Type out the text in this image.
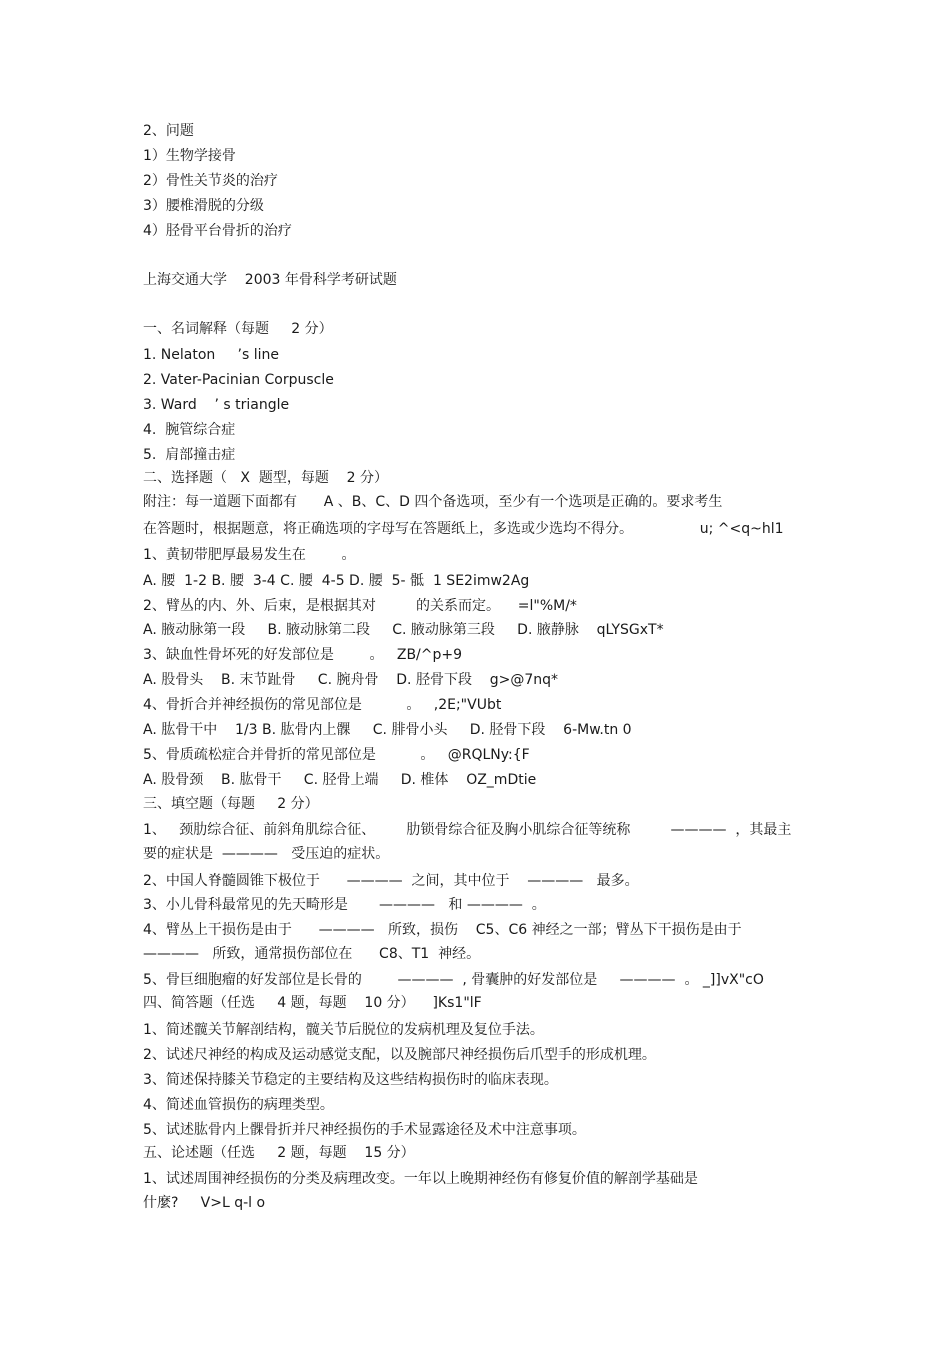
2、问题
1）生物学接骨
2）骨性关节炎的治疗
3）腰椎滑脱的分级
4）胫骨平台骨折的治疗
上海交通大学    2003 年骨科学考研试题
一、名词解释（每题     2 分）
1. Nelaton     ’s line
2. Vater-Pacinian Corpuscle
3. Ward    ’ s triangle
4.  腕管综合症
5.  肩部撞击症
二、选择题（   X  题型，每题    2 分）
附注：每一道题下面都有      A 、B、C、D 四个备选项，至少有一个选项是正确的。要求考生
在答题时，根据题意，将正确选项的字母写在答题纸上，多选或少选均不得分。               u; ^<q~hl1
1、黄韧带肥厚最易发生在        。
A. 腰  1-2 B. 腰  3-4 C. 腰  4-5 D. 腰  5- 骶  1 SE2imw2Ag
2、臂丛的内、外、后束，是根据其对         的关系而定。    =l"%M/*
A. 腋动脉第一段     B. 腋动脉第二段     C. 腋动脉第三段     D. 腋静脉    qLYSGxT*
3、缺血性骨坏死的好发部位是        。   ZB/^p+9
A. 股骨头    B. 末节趾骨     C. 腕舟骨    D. 胫骨下段    g>@7nq*
4、骨折合并神经损伤的常见部位是          。   ,2E;"VUbt
A. 肱骨干中    1/3 B. 肱骨内上髁     C. 腓骨小头     D. 胫骨下段    6-Mw.tn 0
5、骨质疏松症合并骨折的常见部位是          。   @RQLNy:{F
A. 股骨颈    B. 肱骨干     C. 胫骨上端     D. 椎体    OZ_mDtie
三、填空题（每题     2 分）
1、   颈肋综合征、前斜角肌综合征、       肋锁骨综合征及胸小肌综合征等统称         ————  ，其最主
要的症状是  ————   受压迫的症状。
2、中国人脊髓圆锥下极位于      ————  之间，其中位于    ————   最多。
3、小儿骨科最常见的先天畸形是       ————   和 ————  。
4、臂丛上干损伤是由于      ————   所致，损伤    C5、C6 神经之一部；臂丛下干损伤是由于
————   所致，通常损伤部位在      C8、T1  神经。
5、骨巨细胞瘤的好发部位是长骨的        ————  , 骨囊肿的好发部位是     ————  。 _]]vX"cO
四、简答题（任选     4 题，每题    10 分）    ]Ks1"lF
1、简述髋关节解剖结构，髋关节后脱位的发病机理及复位手法。
2、试述尺神经的构成及运动感觉支配，以及腕部尺神经损伤后爪型手的形成机理。
3、简述保持膝关节稳定的主要结构及这些结构损伤时的临床表现。
4、简述血管损伤的病理类型。
5、试述肱骨内上髁骨折并尺神经损伤的手术显露途径及术中注意事项。
五、论述题（任选     2 题，每题    15 分）
1、试述周围神经损伤的分类及病理改变。一年以上晚期神经伤有修复价值的解剖学基础是
什麼?     V>L q-l o
